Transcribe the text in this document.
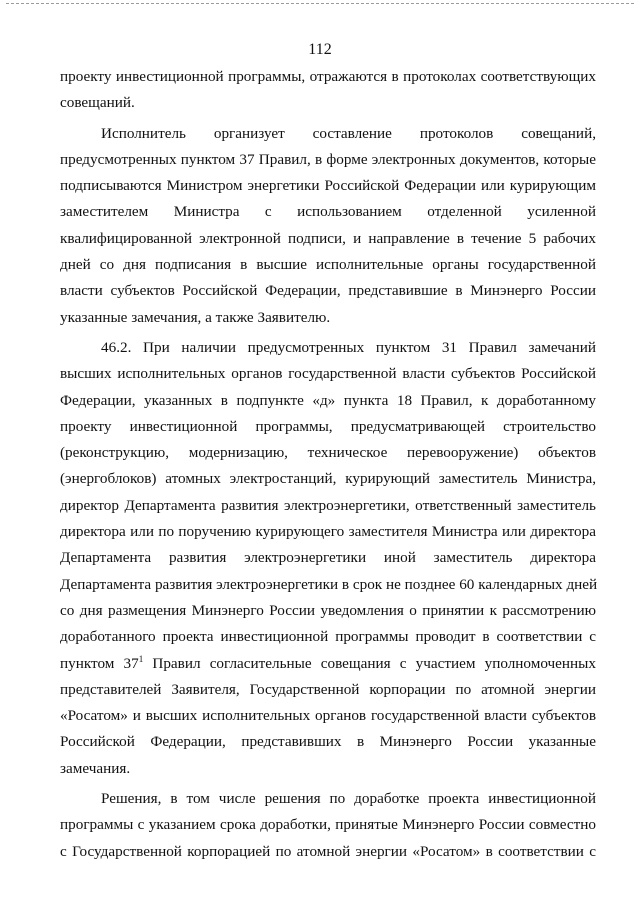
112
проекту инвестиционной программы, отражаются в протоколах соответствующих
совещаний.
Исполнитель организует составление протоколов совещаний,
предусмотренных пунктом 37 Правил, в форме электронных документов, которые
подписываются Министром энергетики Российской Федерации или курирующим
заместителем Министра с использованием отделенной усиленной
квалифицированной электронной подписи, и направление в течение 5 рабочих
дней со дня подписания в высшие исполнительные органы государственной
власти субъектов Российской Федерации, представившие в Минэнерго России
указанные замечания, а также Заявителю.
46.2. При наличии предусмотренных пунктом 31 Правил замечаний
высших исполнительных органов государственной власти субъектов Российской
Федерации, указанных в подпункте «д» пункта 18 Правил, к доработанному
проекту инвестиционной программы, предусматривающей строительство
(реконструкцию, модернизацию, техническое перевооружение) объектов
(энергоблоков) атомных электростанций, курирующий заместитель Министра,
директор Департамента развития электроэнергетики, ответственный заместитель
директора или по поручению курирующего заместителя Министра или директора
Департамента развития электроэнергетики иной заместитель директора
Департамента развития электроэнергетики в срок не позднее 60 календарных дней
со дня размещения Минэнерго России уведомления о принятии к рассмотрению
доработанного проекта инвестиционной программы проводит в соответствии с
пунктом $37^1$ Правил согласительные совещания с участием уполномоченных
представителей Заявителя, Государственной корпорации по атомной энергии
«Росатом» и высших исполнительных органов государственной власти субъектов
Российской Федерации, представивших в Минэнерго России указанные
замечания.
Решения, в том числе решения по доработке проекта инвестиционной
программы с указанием срока доработки, принятые Минэнерго России совместно
с Государственной корпорацией по атомной энергии «Росатом» в соответствии с
